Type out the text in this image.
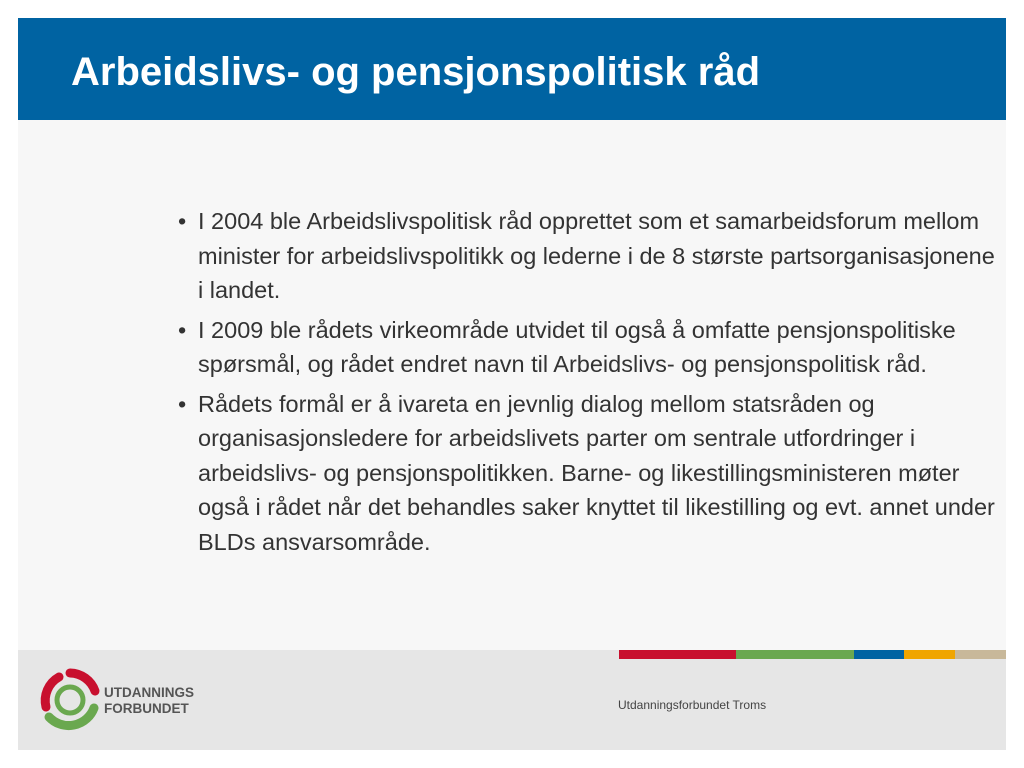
Arbeidslivs- og pensjonspolitisk råd
• I 2004 ble Arbeidslivspolitisk råd opprettet som et samarbeidsforum mellom minister for arbeidslivspolitikk og lederne i de 8 største partsorganisasjonene i landet.
• I 2009 ble rådets virkeområde utvidet til også å omfatte pensjonspolitiske spørsmål, og rådet endret navn til Arbeidslivs- og pensjonspolitisk råd.
• Rådets formål er å ivareta en jevnlig dialog mellom statsråden og organisasjonsledere for arbeidslivets parter om sentrale utfordringer i arbeidslivs- og pensjonspolitikken. Barne- og likestillingsministeren møter også i rådet når det behandles saker knyttet til likestilling og evt. annet under BLDs ansvarsområde.
UTDANNINGS
FORBUNDET	Utdanningsforbundet Troms
